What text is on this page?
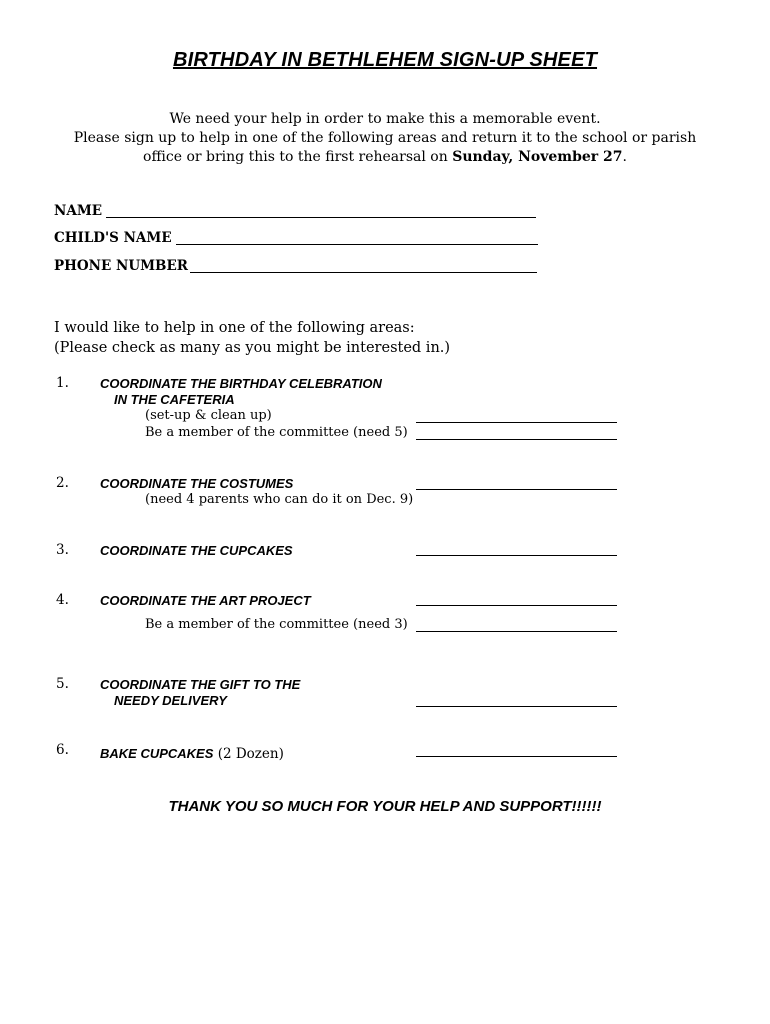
BIRTHDAY IN BETHLEHEM SIGN-UP SHEET
We need your help in order to make this a memorable event.
Please sign up to help in one of the following areas and return it to the school or parish
office or bring this to the first rehearsal on Sunday, November 27.
NAME
CHILD'S NAME
PHONE NUMBER
I would like to help in one of the following areas:
(Please check as many as you might be interested in.)
1. COORDINATE THE BIRTHDAY CELEBRATION
IN THE CAFETERIA
(set-up & clean up)
Be a member of the committee (need 5)
2. COORDINATE THE COSTUMES
(need 4 parents who can do it on Dec. 9)
3. COORDINATE THE CUPCAKES
4. COORDINATE THE ART PROJECT
Be a member of the committee (need 3)
5. COORDINATE THE GIFT TO THE
NEEDY DELIVERY
6. BAKE CUPCAKES (2 Dozen)
THANK YOU SO MUCH FOR YOUR HELP AND SUPPORT!!!!!!
